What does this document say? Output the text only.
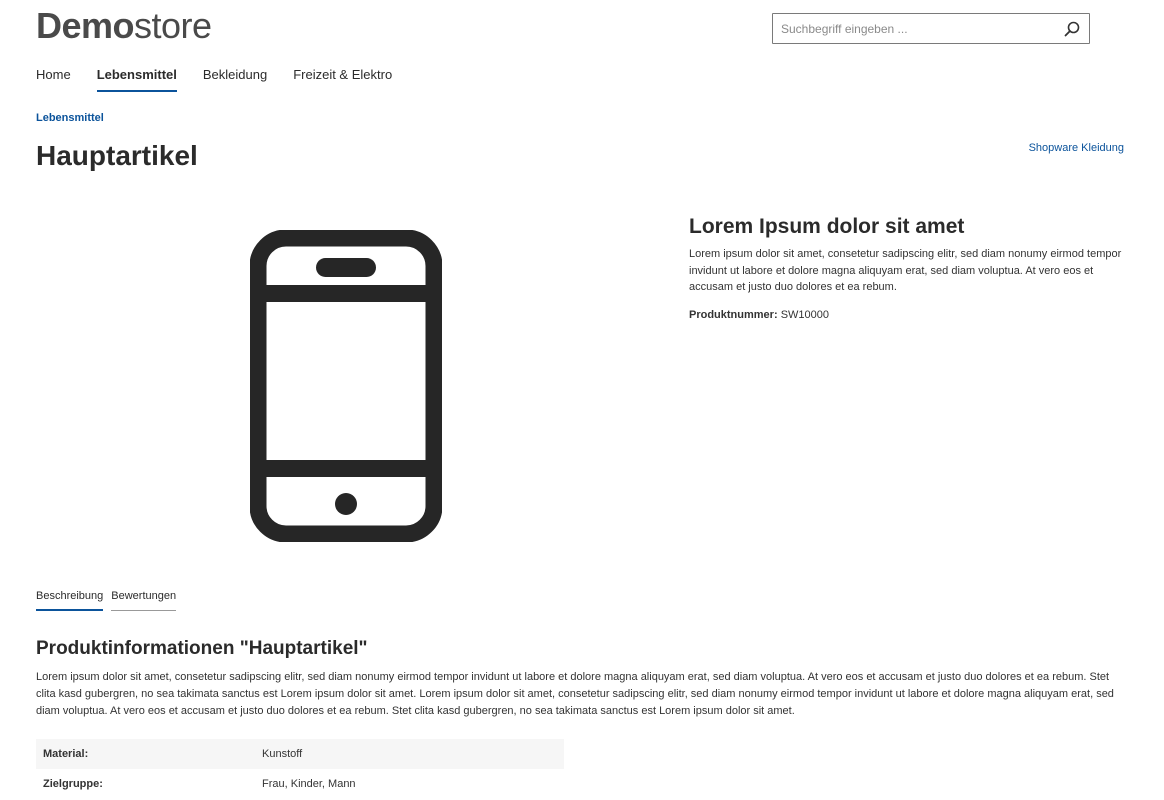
Demostore
Suchbegriff eingeben ...
Home Lebensmittel Bekleidung Freizeit & Elektro
Lebensmittel
Hauptartikel	Shopware Kleidung
Lorem Ipsum dolor sit amet

Lorem ipsum dolor sit amet, consetetur sadipscing elitr, sed diam nonumy eirmod tempor invidunt ut labore et dolore magna aliquyam erat, sed diam voluptua. At vero eos et accusam et justo duo dolores et ea rebum.

Produktnummer: SW10000
Beschreibung Bewertungen
Produktinformationen "Hauptartikel"

Lorem ipsum dolor sit amet, consetetur sadipscing elitr, sed diam nonumy eirmod tempor invidunt ut labore et dolore magna aliquyam erat, sed diam voluptua. At vero eos et accusam et justo duo dolores et ea rebum. Stet clita kasd gubergren, no sea takimata sanctus est Lorem ipsum dolor sit amet. Lorem ipsum dolor sit amet, consetetur sadipscing elitr, sed diam nonumy eirmod tempor invidunt ut labore et dolore magna aliquyam erat, sed diam voluptua. At vero eos et accusam et justo duo dolores et ea rebum. Stet clita kasd gubergren, no sea takimata sanctus est Lorem ipsum dolor sit amet.

Material:	Kunstoff
Zielgruppe:	Frau, Kinder, Mann
